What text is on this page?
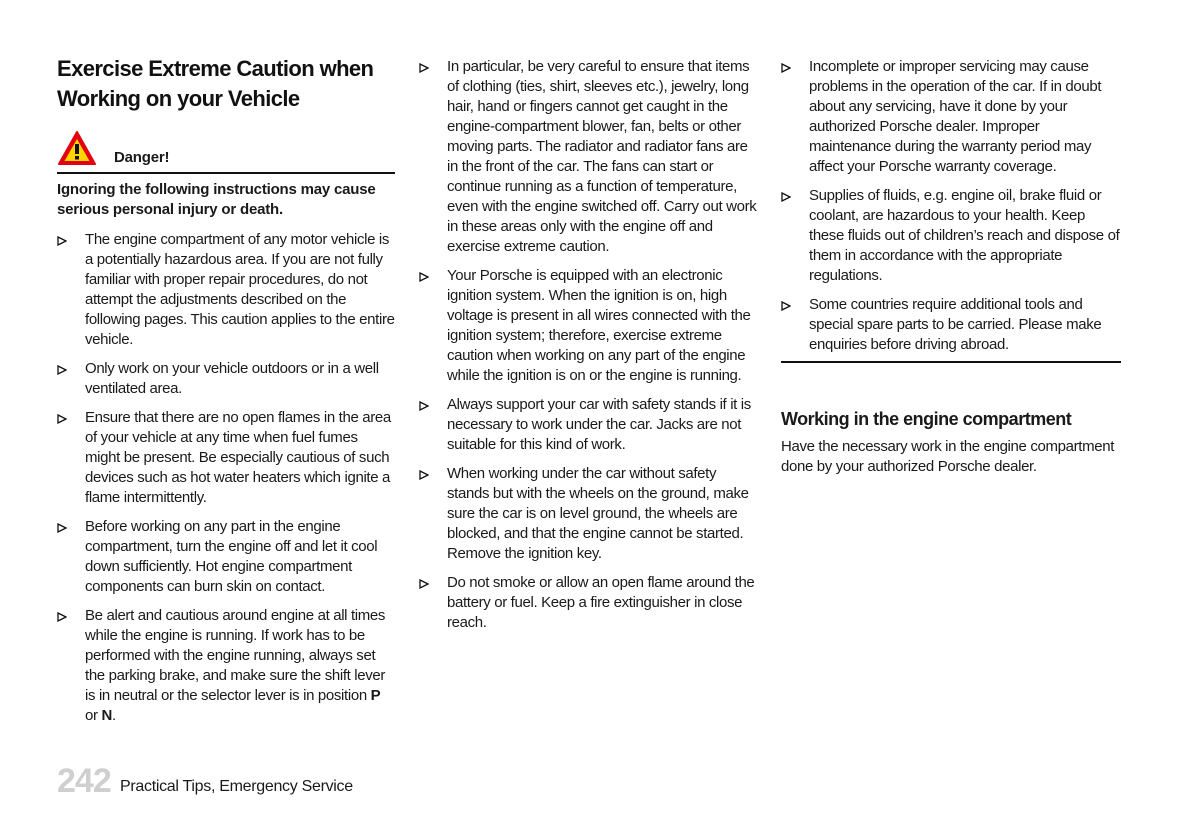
Exercise Extreme Caution when
Working on your Vehicle
Danger!
Ignoring the following instructions may cause serious personal injury or death.
The engine compartment of any motor vehicle is a potentially hazardous area. If you are not fully familiar with proper repair procedures, do not attempt the adjustments described on the following pages. This caution applies to the entire vehicle.
Only work on your vehicle outdoors or in a well ventilated area.
Ensure that there are no open flames in the area of your vehicle at any time when fuel fumes might be present. Be especially cautious of such devices such as hot water heaters which ignite a flame intermittently.
Before working on any part in the engine compartment, turn the engine off and let it cool down sufficiently. Hot engine compartment components can burn skin on contact.
Be alert and cautious around engine at all times while the engine is running. If work has to be performed with the engine running, always set the parking brake, and make sure the shift lever is in neutral or the selector lever is in position P or N.
In particular, be very careful to ensure that items of clothing (ties, shirt, sleeves etc.), jewelry, long hair, hand or fingers cannot get caught in the engine-compartment blower, fan, belts or other moving parts. The radiator and radiator fans are in the front of the car. The fans can start or continue running as a function of temperature, even with the engine switched off. Carry out work in these areas only with the engine off and exercise extreme caution.
Your Porsche is equipped with an electronic ignition system. When the ignition is on, high voltage is present in all wires connected with the ignition system; therefore, exercise extreme caution when working on any part of the engine while the ignition is on or the engine is running.
Always support your car with safety stands if it is necessary to work under the car. Jacks are not suitable for this kind of work.
When working under the car without safety stands but with the wheels on the ground, make sure the car is on level ground, the wheels are blocked, and that the engine cannot be started. Remove the ignition key.
Do not smoke or allow an open flame around the battery or fuel. Keep a fire extinguisher in close reach.
Incomplete or improper servicing may cause problems in the operation of the car. If in doubt about any servicing, have it done by your authorized Porsche dealer. Improper maintenance during the warranty period may affect your Porsche warranty coverage.
Supplies of fluids, e.g. engine oil, brake fluid or coolant, are hazardous to your health. Keep these fluids out of children’s reach and dispose of them in accordance with the appropriate regulations.
Some countries require additional tools and special spare parts to be carried. Please make enquiries before driving abroad.
Working in the engine compartment
Have the necessary work in the engine compartment done by your authorized Porsche dealer.
242 Practical Tips, Emergency Service
